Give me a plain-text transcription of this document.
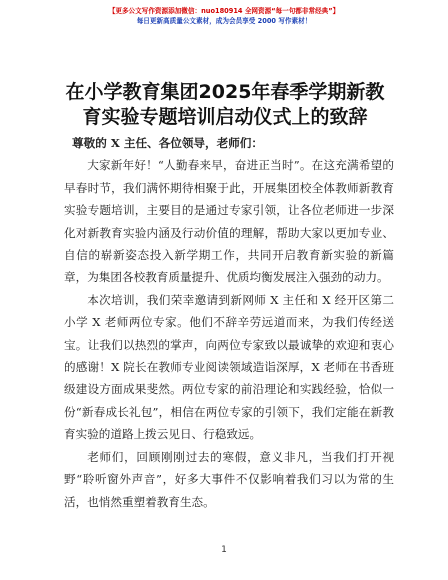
【更多公文写作资源添加微信：nuo180914 全网资源“每一句都非常经典”】
每日更新高质量公文素材，成为会员享受 2000 写作素材！
在小学教育集团2025年春季学期新教育实验专题培训启动仪式上的致辞

尊敬的 X 主任、各位领导，老师们：

大家新年好！“人勤春来早，奋进正当时”。在这充满希望的早春时节，我们满怀期待相聚于此，开展集团校全体教师新教育实验专题培训，主要目的是通过专家引领，让各位老师进一步深化对新教育实验内涵及行动价值的理解，帮助大家以更加专业、自信的崭新姿态投入新学期工作，共同开启教育新实验的新篇章，为集团各校教育质量提升、优质均衡发展注入强劲的动力。

本次培训，我们荣幸邀请到新网师 X 主任和 X 经开区第二小学 X 老师两位专家。他们不辞辛劳远道而来，为我们传经送宝。让我们以热烈的掌声，向两位专家致以最诚挚的欢迎和衷心的感谢！X 院长在教师专业阅读领域造诣深厚，X 老师在书香班级建设方面成果斐然。两位专家的前沿理论和实践经验，恰似一份“新春成长礼包”，相信在两位专家的引领下，我们定能在新教育实验的道路上拨云见日、行稳致远。

老师们，回顾刚刚过去的寒假，意义非凡，当我们打开视野“聆听窗外声音”，好多大事件不仅影响着我们习以为常的生活，也悄然重塑着教育生态。

1
